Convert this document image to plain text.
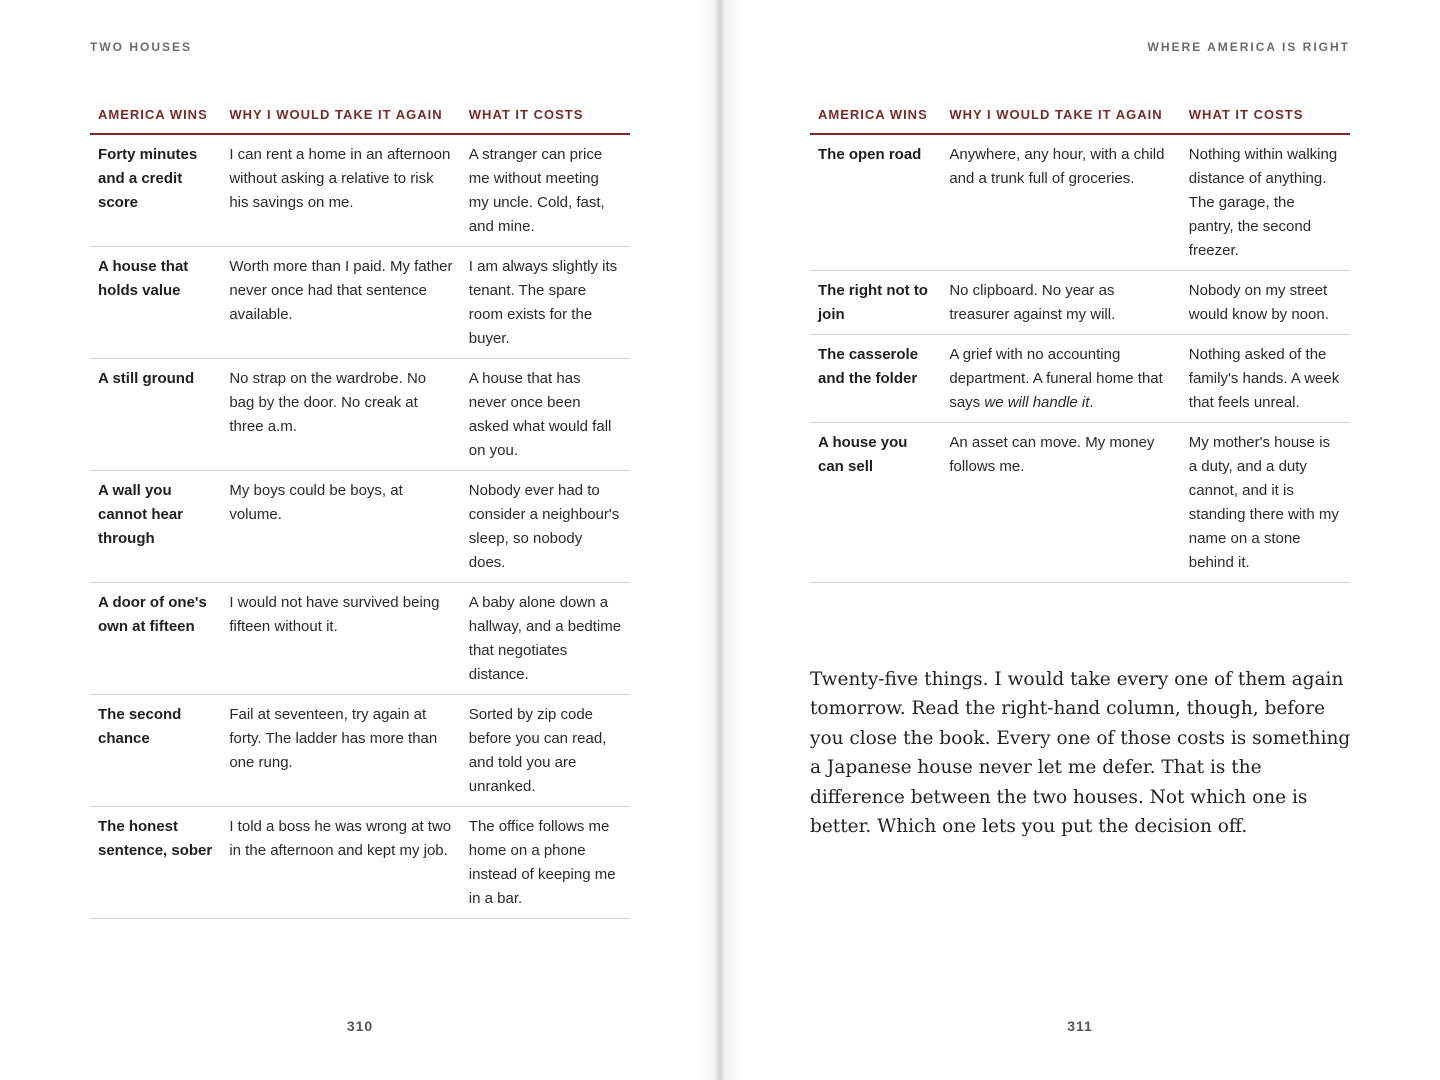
TWO HOUSES
AMERICA WINS	WHY I WOULD TAKE IT AGAIN	WHAT IT COSTS
Forty minutes and a credit score	I can rent a home in an afternoon without asking a relative to risk his savings on me.	A stranger can price me without meeting my uncle. Cold, fast, and mine.
A house that holds value	Worth more than I paid. My father never once had that sentence available.	I am always slightly its tenant. The spare room exists for the buyer.
A still ground	No strap on the wardrobe. No bag by the door. No creak at three a.m.	A house that has never once been asked what would fall on you.
A wall you cannot hear through	My boys could be boys, at volume.	Nobody ever had to consider a neighbour's sleep, so nobody does.
A door of one's own at fifteen	I would not have survived being fifteen without it.	A baby alone down a hallway, and a bedtime that negotiates distance.
The second chance	Fail at seventeen, try again at forty. The ladder has more than one rung.	Sorted by zip code before you can read, and told you are unranked.
The honest sentence, sober	I told a boss he was wrong at two in the afternoon and kept my job.	The office follows me home on a phone instead of keeping me in a bar.
310
WHERE AMERICA IS RIGHT
AMERICA WINS	WHY I WOULD TAKE IT AGAIN	WHAT IT COSTS
The open road	Anywhere, any hour, with a child and a trunk full of groceries.	Nothing within walking distance of anything. The garage, the pantry, the second freezer.
The right not to join	No clipboard. No year as treasurer against my will.	Nobody on my street would know by noon.
The casserole and the folder	A grief with no accounting department. A funeral home that says we will handle it.	Nothing asked of the family's hands. A week that feels unreal.
A house you can sell	An asset can move. My money follows me.	My mother's house is a duty, and a duty cannot, and it is standing there with my name on a stone behind it.

Twenty-five things. I would take every one of them again tomorrow. Read the right-hand column, though, before you close the book. Every one of those costs is something a Japanese house never let me defer. That is the difference between the two houses. Not which one is better. Which one lets you put the decision off.

311
